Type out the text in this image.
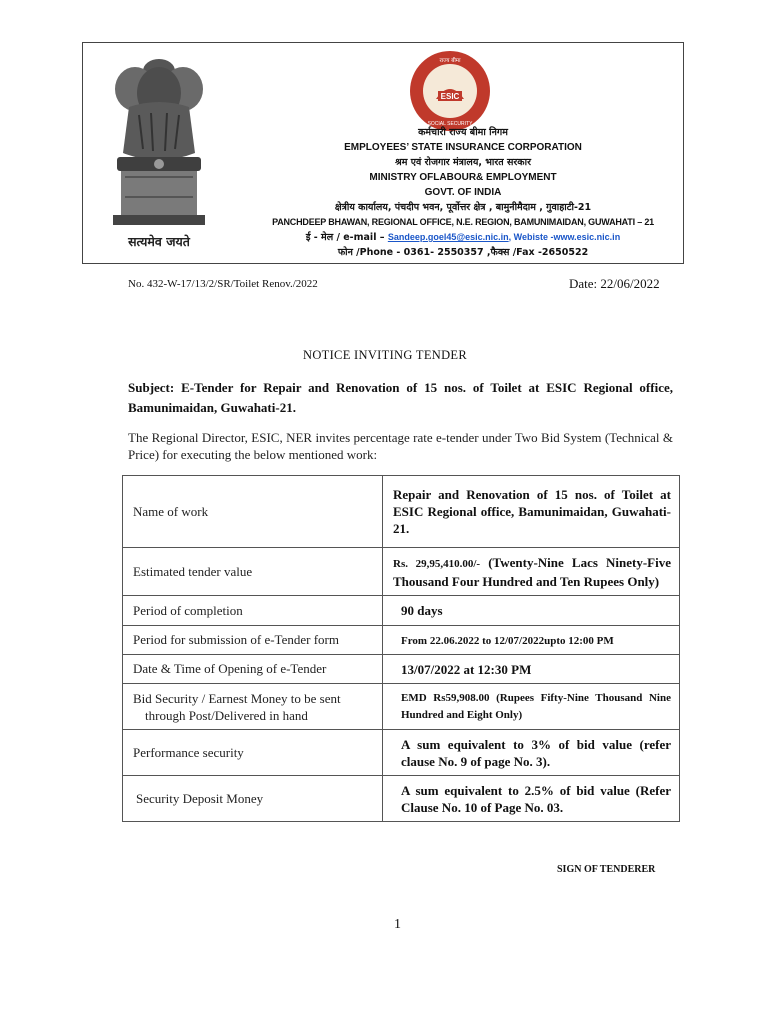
सत्यमेव जयते
ESIC
राज्य बीमा
SOCIAL SECURITY
कर्मचारी राज्य बीमा निगम
EMPLOYEES’ STATE INSURANCE CORPORATION
श्रम एवं रोजगार मंत्रालय, भारत सरकार
MINISTRY OFLABOUR& EMPLOYMENT
GOVT. OF INDIA
क्षेत्रीय कार्यालय, पंचदीप भवन, पूर्वोत्तर क्षेत्र , बामुनीमैदाम , गुवाहाटी-21
PANCHDEEP BHAWAN, REGIONAL OFFICE, N.E. REGION, BAMUNIMAIDAN, GUWAHATI – 21
ई - मेल / e-mail – Sandeep.goel45@esic.nic.in, Webiste -www.esic.nic.in
फोन /Phone - 0361- 2550357 ,फैक्स /Fax -2650522
No. 432-W-17/13/2/SR/Toilet Renov./2022	Date: 22/06/2022
NOTICE INVITING TENDER
Subject: E-Tender for Repair and Renovation of 15 nos. of Toilet at ESIC Regional office, Bamunimaidan, Guwahati-21.
The Regional Director, ESIC, NER invites percentage rate e-tender under Two Bid System (Technical & Price) for executing the below mentioned work:
Name of work	Repair and Renovation of 15 nos. of Toilet at ESIC Regional office, Bamunimaidan, Guwahati-21.
Estimated tender value	Rs. 29,95,410.00/- (Twenty-Nine Lacs Ninety-Five Thousand Four Hundred and Ten Rupees Only)
Period of completion	90 days
Period for submission of e-Tender form	From 22.06.2022 to 12/07/2022upto 12:00 PM
Date & Time of Opening of e-Tender	13/07/2022 at 12:30 PM

Bid Security / Earnest Money to be sent
through Post/Delivered in hand	EMD Rs59,908.00 (Rupees Fifty-Nine Thousand Nine Hundred and Eight Only)
Performance security	A sum equivalent to 3% of bid value (refer clause No. 9 of page No. 3).
Security Deposit Money	A sum equivalent to 2.5% of bid value (Refer Clause No. 10 of Page No. 03.
SIGN OF TENDERER
1
